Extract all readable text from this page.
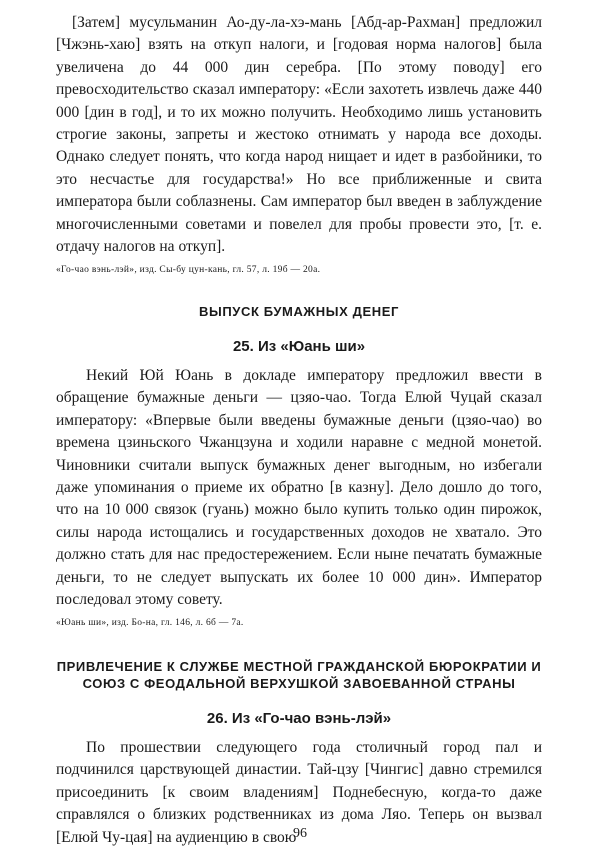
[Затем] мусульманин Ао-ду-ла-хэ-мань [Абд-ар-Рахман] предложил [Чжэнь-хаю] взять на откуп налоги, и [годовая норма налогов] была увеличена до 44 000 дин серебра. [По этому поводу] его превосходительство сказал императору: «Если захотеть извлечь даже 440 000 [дин в год], и то их можно получить. Необходимо лишь установить строгие законы, запреты и жестоко отнимать у народа все доходы. Однако следует понять, что когда народ нищает и идет в разбойники, то это несчастье для государства!» Но все приближенные и свита императора были соблазнены. Сам император был введен в заблуждение многочисленными советами и повелел для пробы провести это, [т. е. отдачу налогов на откуп].

«Го-чао вэнь-лэй», изд. Сы-бу цун-кань, гл. 57, л. 19б — 20а.

ВЫПУСК БУМАЖНЫХ ДЕНЕГ
25. Из «Юань ши»

Некий Юй Юань в докладе императору предложил ввести в обращение бумажные деньги — цзяо-чао. Тогда Елюй Чуцай сказал императору: «Впервые были введены бумажные деньги (цзяо-чао) во времена цзиньского Чжанцзуна и ходили наравне с медной монетой. Чиновники считали выпуск бумажных денег выгодным, но избегали даже упоминания о приеме их обратно [в казну]. Дело дошло до того, что на 10 000 связок (гуань) можно было купить только один пирожок, силы народа истощались и государственных доходов не хватало. Это должно стать для нас предостережением. Если ныне печатать бумажные деньги, то не следует выпускать их более 10 000 дин». Император последовал этому совету.

«Юань ши», изд. Бо-на, гл. 146, л. 6б — 7а.

ПРИВЛЕЧЕНИЕ К СЛУЖБЕ МЕСТНОЙ ГРАЖДАНСКОЙ БЮРОКРАТИИ И СОЮЗ С ФЕОДАЛЬНОЙ ВЕРХУШКОЙ ЗАВОЕВАННОЙ СТРАНЫ
26. Из «Го-чао вэнь-лэй»

По прошествии следующего года столичный город пал и подчинился царствующей династии. Тай-цзу [Чингис] давно стремился присоединить [к своим владениям] Поднебесную, когда-то даже справлялся о близких родственниках из дома Ляо. Теперь он вызвал [Елюй Чу-цая] на аудиенцию в свою

96
